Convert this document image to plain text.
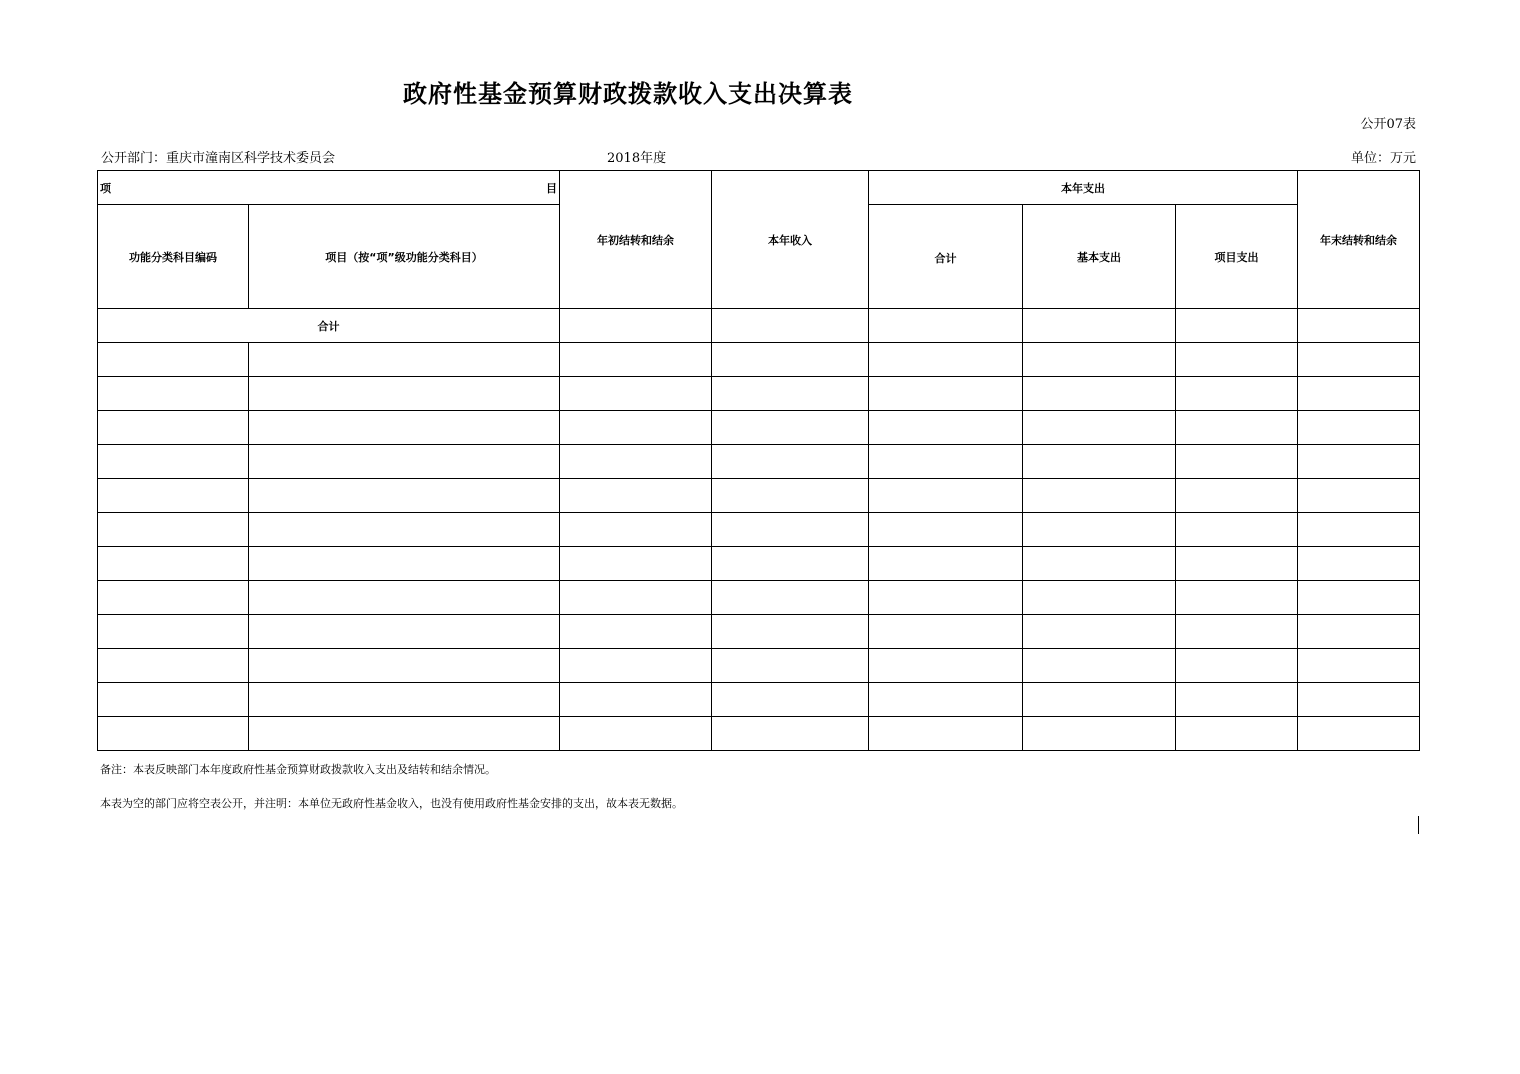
政府性基金预算财政拨款收入支出决算表
公开07表
公开部门：重庆市潼南区科学技术委员会	2018年度	单位：万元
项 目		年初结转和结余	本年收入	本年支出			年末结转和结余
功能分类科目编码	项目（按“项”级功能分类科目）			合计	基本支出	项目支出	
合计							

备注：本表反映部门本年度政府性基金预算财政拨款收入支出及结转和结余情况。
本表为空的部门应将空表公开，并注明：本单位无政府性基金收入，也没有使用政府性基金安排的支出，故本表无数据。
